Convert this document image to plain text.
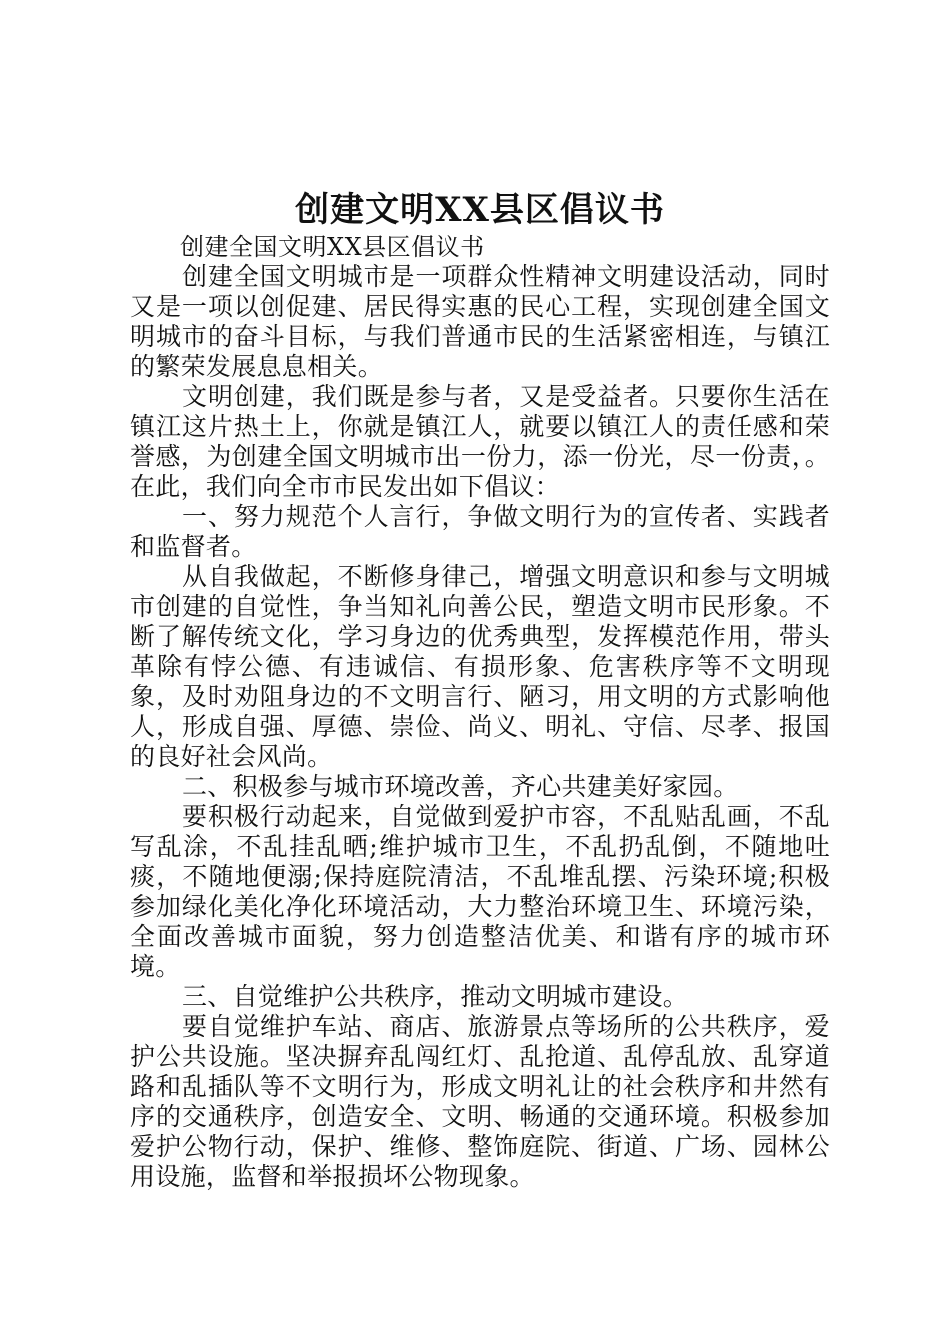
创建文明XX县区倡议书

创建全国文明XX县区倡议书

创建全国文明城市是一项群众性精神文明建设活动，同时又是一项以创促建、居民得实惠的民心工程，实现创建全国文明城市的奋斗目标，与我们普通市民的生活紧密相连，与镇江的繁荣发展息息相关。

文明创建，我们既是参与者，又是受益者。只要你生活在镇江这片热土上，你就是镇江人，就要以镇江人的责任感和荣誉感，为创建全国文明城市出一份力，添一份光，尽一份责，。在此，我们向全市市民发出如下倡议：

一、努力规范个人言行，争做文明行为的宣传者、实践者和监督者。

从自我做起，不断修身律己，增强文明意识和参与文明城市创建的自觉性，争当知礼向善公民，塑造文明市民形象。不断了解传统文化，学习身边的优秀典型，发挥模范作用，带头革除有悖公德、有违诚信、有损形象、危害秩序等不文明现象，及时劝阻身边的不文明言行、陋习，用文明的方式影响他人，形成自强、厚德、崇俭、尚义、明礼、守信、尽孝、报国的良好社会风尚。

二、积极参与城市环境改善，齐心共建美好家园。

要积极行动起来，自觉做到爱护市容，不乱贴乱画，不乱写乱涂，不乱挂乱晒;维护城市卫生，不乱扔乱倒，不随地吐痰，不随地便溺;保持庭院清洁，不乱堆乱摆、污染环境;积极参加绿化美化净化环境活动，大力整治环境卫生、环境污染，全面改善城市面貌，努力创造整洁优美、和谐有序的城市环境。

三、自觉维护公共秩序，推动文明城市建设。

要自觉维护车站、商店、旅游景点等场所的公共秩序，爱护公共设施。坚决摒弃乱闯红灯、乱抢道、乱停乱放、乱穿道路和乱插队等不文明行为，形成文明礼让的社会秩序和井然有序的交通秩序，创造安全、文明、畅通的交通环境。积极参加爱护公物行动，保护、维修、整饰庭院、街道、广场、园林公用设施，监督和举报损坏公物现象。
